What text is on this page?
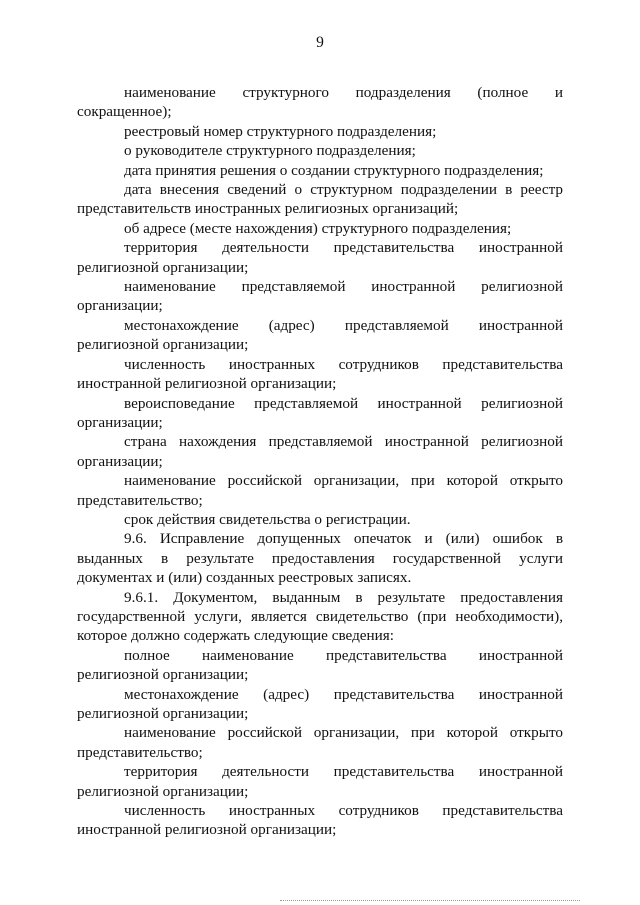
9

наименование структурного подразделения (полное и сокращенное);

реестровый номер структурного подразделения;

о руководителе структурного подразделения;

дата принятия решения о создании структурного подразделения;

дата внесения сведений о структурном подразделении в реестр представительств иностранных религиозных организаций;

об адресе (месте нахождения) структурного подразделения;

территория деятельности представительства иностранной религиозной организации;

наименование представляемой иностранной религиозной организации;

местонахождение (адрес) представляемой иностранной религиозной организации;

численность иностранных сотрудников представительства иностранной религиозной организации;

вероисповедание представляемой иностранной религиозной организации;

страна нахождения представляемой иностранной религиозной организации;

наименование российской организации, при которой открыто представительство;

срок действия свидетельства о регистрации.

9.6. Исправление допущенных опечаток и (или) ошибок в выданных в результате предоставления государственной услуги документах и (или) созданных реестровых записях.

9.6.1. Документом, выданным в результате предоставления государственной услуги, является свидетельство (при необходимости), которое должно содержать следующие сведения:

полное наименование представительства иностранной религиозной организации;

местонахождение (адрес) представительства иностранной религиозной организации;

наименование российской организации, при которой открыто представительство;

территория деятельности представительства иностранной религиозной организации;

численность иностранных сотрудников представительства иностранной религиозной организации;
